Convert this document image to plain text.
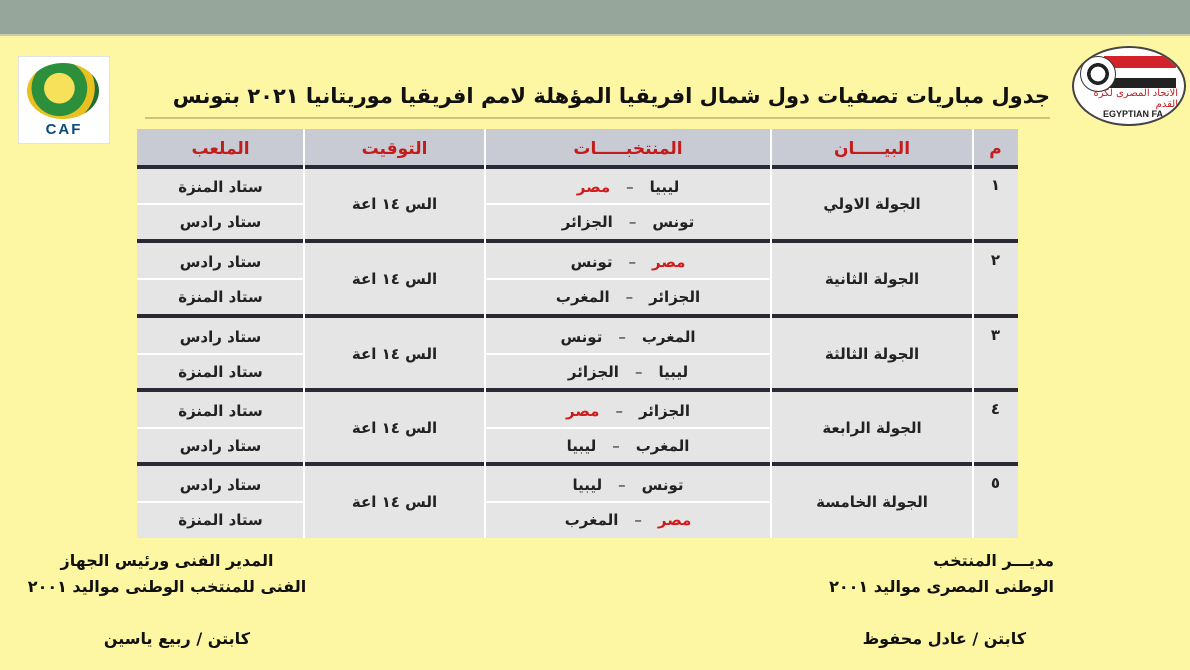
CAF
الاتحاد المصرى لكرة القدم
EGYPTIAN FA
جدول مباريات تصفيات دول شمال افريقيا المؤهلة لامم افريقيا موريتانيا ٢٠٢١ بتونس
م
البيـــــان
المنتخبـــــات
التوقيت
الملعب
١
الجولة الاولي
الس ١٤ اعة
ليبيا
–
مصر
ستاد المنزة
تونس
–
الجزائر
ستاد رادس
٢
الجولة الثانية
الس ١٤ اعة
مصر
–
تونس
ستاد رادس
الجزائر
–
المغرب
ستاد المنزة
٣
الجولة الثالثة
الس ١٤ اعة
المغرب
–
تونس
ستاد رادس
ليبيا
–
الجزائر
ستاد المنزة
٤
الجولة الرابعة
الس ١٤ اعة
الجزائر
–
مصر
ستاد المنزة
المغرب
–
ليبيا
ستاد رادس
٥
الجولة الخامسة
الس ١٤ اعة
تونس
–
ليبيا
ستاد رادس
مصر
–
المغرب
ستاد المنزة
مديـــر المنتخب
الوطنى المصرى مواليد ٢٠٠١
كابتن / عادل محفوظ
المدير الفنى ورئيس الجهاز
الفنى للمنتخب الوطنى مواليد ٢٠٠١
كابتن / ربيع ياسين
